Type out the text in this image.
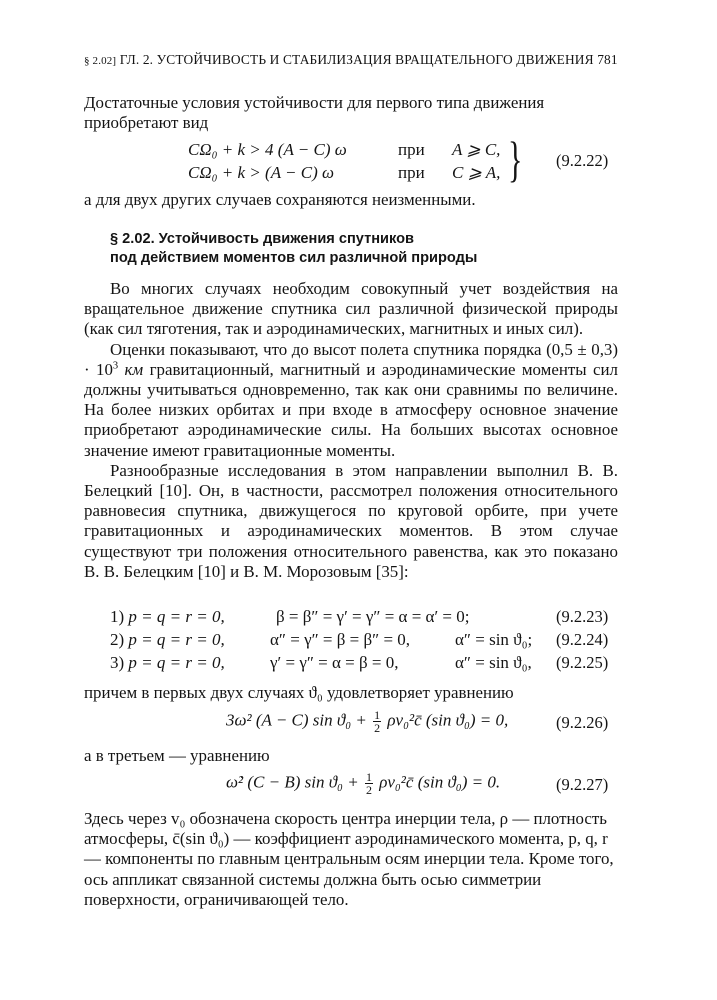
§ 2.02] ГЛ. 2. УСТОЙЧИВОСТЬ И СТАБИЛИЗАЦИЯ ВРАЩАТЕЛЬНОГО ДВИЖЕНИЯ 781

Достаточные условия устойчивости для первого типа движения приобретают вид

CΩ₀ + k > 4 (A − C) ω	при A ⩾ C,
CΩ₀ + k > (A − C) ω	при C ⩾ A, } (9.2.22)

а для двух других случаев сохраняются неизменными.

§ 2.02. Устойчивость движения спутников
под действием моментов сил различной природы

Во многих случаях необходим совокупный учет воздействия на вращательное движение спутника сил различной физической природы (как сил тяготения, так и аэродинамических, магнитных и иных сил).

Оценки показывают, что до высот полета спутника порядка $(0,5 \pm 0,3) \cdot 10^3$ км гравитационный, магнитный и аэродинамические моменты сил должны учитываться одновременно, так как они сравнимы по величине. На более низких орбитах и при входе в атмосферу основное значение приобретают аэродинамические силы. На больших высотах основное значение имеют гравитационные моменты.

Разнообразные исследования в этом направлении выполнил В. В. Белецкий [10]. Он, в частности, рассмотрел положения относительного равновесия спутника, движущегося по круговой орбите, при учете гравитационных и аэродинамических моментов. В этом случае существуют три положения относительного равенства, как это показано В. В. Белецким [10] и В. М. Морозовым [35]:

1) p = q = r = 0,	β = β″ = γ′ = γ″ = α = α′ = 0;	(9.2.23)
2) p = q = r = 0,	α″ = γ″ = β = β″ = 0,	α″ = sin ϑ₀; (9.2.24)
3) p = q = r = 0,	γ′ = γ″ = α = β = 0,	α″ = sin ϑ₀, (9.2.25)

причем в первых двух случаях ϑ₀ удовлетворяет уравнению

3ω² (A − C) $\sin ϑ_0 + \frac{1}{2}$ ρv₀²c̄ (sin ϑ₀) = 0,	(9.2.26)

а в третьем — уравнению

ω̇² (C − B) $\sin ϑ_0 + \frac{1}{2}$ ρv₀²c̄ (sin ϑ₀) = 0.	(9.2.27)

Здесь через v₀ обозначена скорость центра инерции тела, ρ — плотность атмосферы, c̄(sin ϑ₀) — коэффициент аэродинамического момента, p, q, r — компоненты по главным центральным осям инерции тела. Кроме того, ось аппликат связанной системы должна быть осью симметрии поверхности, ограничивающей тело.
